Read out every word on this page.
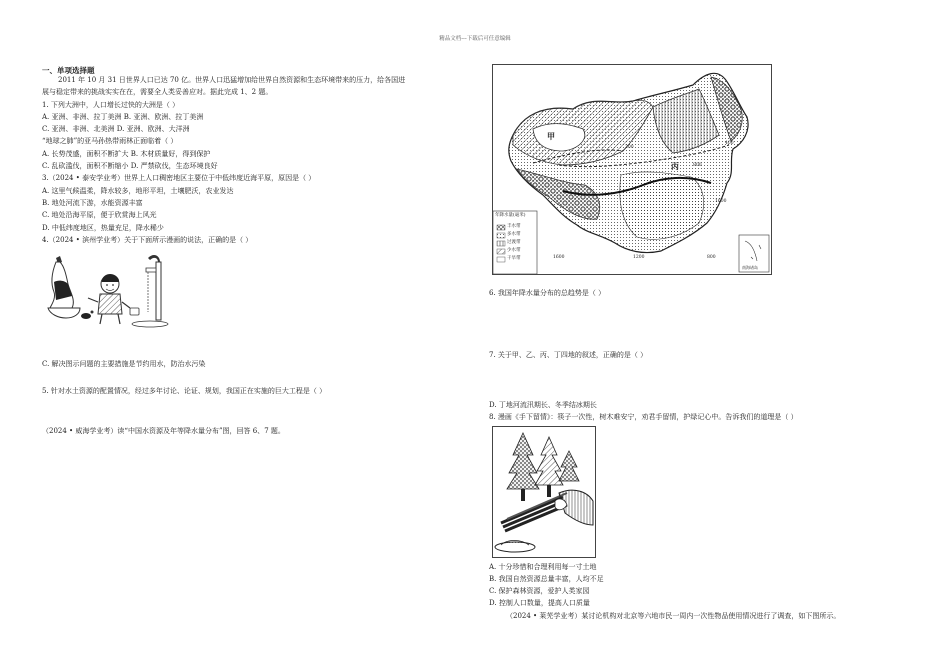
精品文档---下载后可任意编辑
一、单项选择题
2011 年 10 月 31 日世界人口已达 70 亿。世界人口迅猛增加给世界自然资源和生态环境带来的压力，给各国进
展与稳定带来的挑战实实在在，需要全人类妥善应对。据此完成 1、2 题。
1. 下列大洲中，人口增长过快的大洲是（ ）
A. 亚洲、非洲、拉丁美洲 B. 亚洲、欧洲、拉丁美洲
C. 亚洲、非洲、北美洲 D. 亚洲、欧洲、大洋洲
“地球之肺”的亚马孙热带雨林正面临着（ ）
A. 长势茂盛，面积不断扩大 B. 木材质量好，得到保护
C. 乱砍滥伐，面积不断缩小 D. 严禁砍伐，生态环境良好
3.（2024 • 泰安学业考）世界上人口稠密地区主要位于中低纬度近海平原，原因是（ ）
A. 这里气候温柔，降水较多，地形平坦，土壤肥沃，农业发达
B. 地处河流下游，水能资源丰富
C. 地处沿海平原，便于欣赏海上风光
D. 中低纬度地区，热量充足，降水稀少
4.（2024 • 滨州学业考）关于下面所示漫画的说法，正确的是（ ）
C. 解决图示问题的主要措施是节约用水，防治水污染
5. 针对水土资源的配置情况，经过多年讨论、论证、规划，我国正在实施的巨大工程是（ ）
（2024 • 威海学业考）读“中国水资源及年等降水量分布”图，回答 6、7 题。
甲
丙
年降水量(毫米)
丰水带
多水带
过渡带
少水带
干旱带
1600
800
400
200
1600	1200	800
南海诸岛
6. 我国年降水量分布的总趋势是（ ）
7. 关于甲、乙、丙、丁四地的叙述，正确的是（ ）
D. 丁地河流汛期长、冬季结冰期长
8. 漫画《手下留情》：筷子一次性，树木难安宁，劝君手留情，护绿记心中。告诉我们的道理是（ ）
A. 十分珍惜和合理利用每一寸土地
B. 我国自然资源总量丰富，人均不足
C. 保护森林资源，爱护人类家园
D. 控制人口数量，提高人口质量
（2024 • 莱芜学业考）某讨论机构对北京等六地市民一周内一次性物品使用情况进行了调查，如下图所示。
